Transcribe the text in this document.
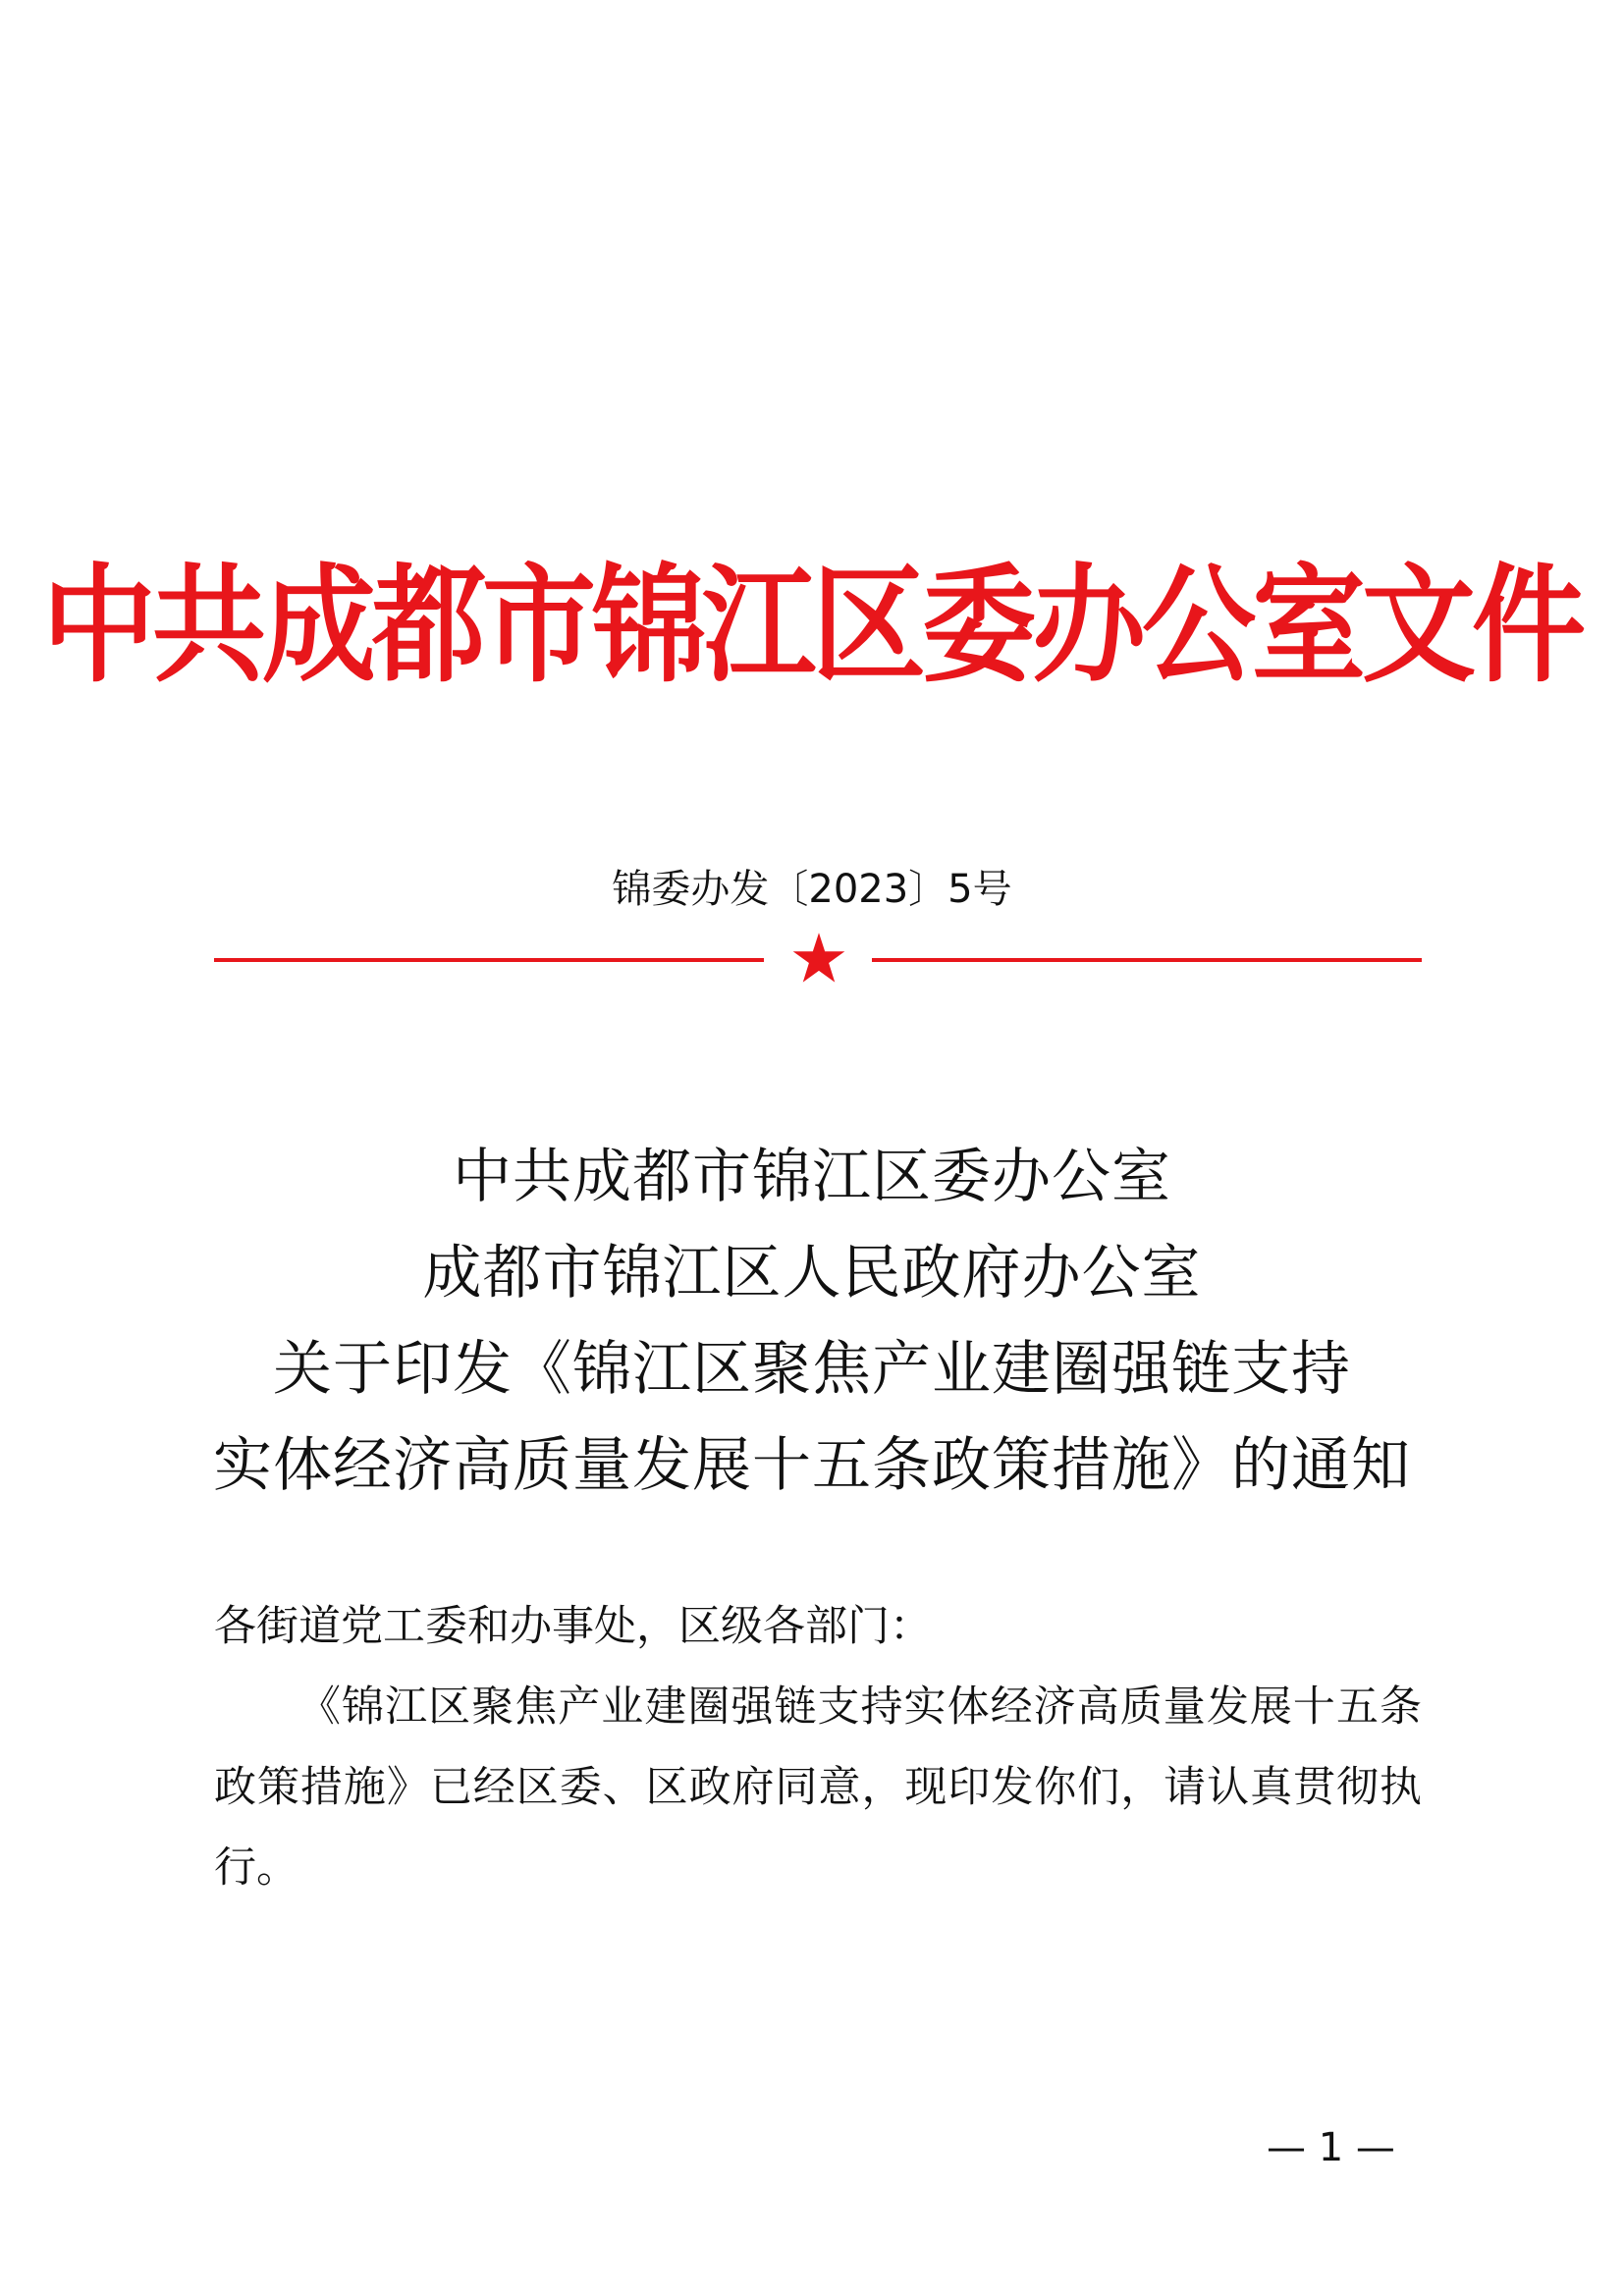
中共成都市锦江区委办公室文件
锦委办发〔2023〕5号
中共成都市锦江区委办公室
成都市锦江区人民政府办公室
关于印发《锦江区聚焦产业建圈强链支持
实体经济高质量发展十五条政策措施》的通知
各街道党工委和办事处，区级各部门：
《锦江区聚焦产业建圈强链支持实体经济高质量发展十五条政策措施》已经区委、区政府同意，现印发你们，请认真贯彻执行。
— 1 —
